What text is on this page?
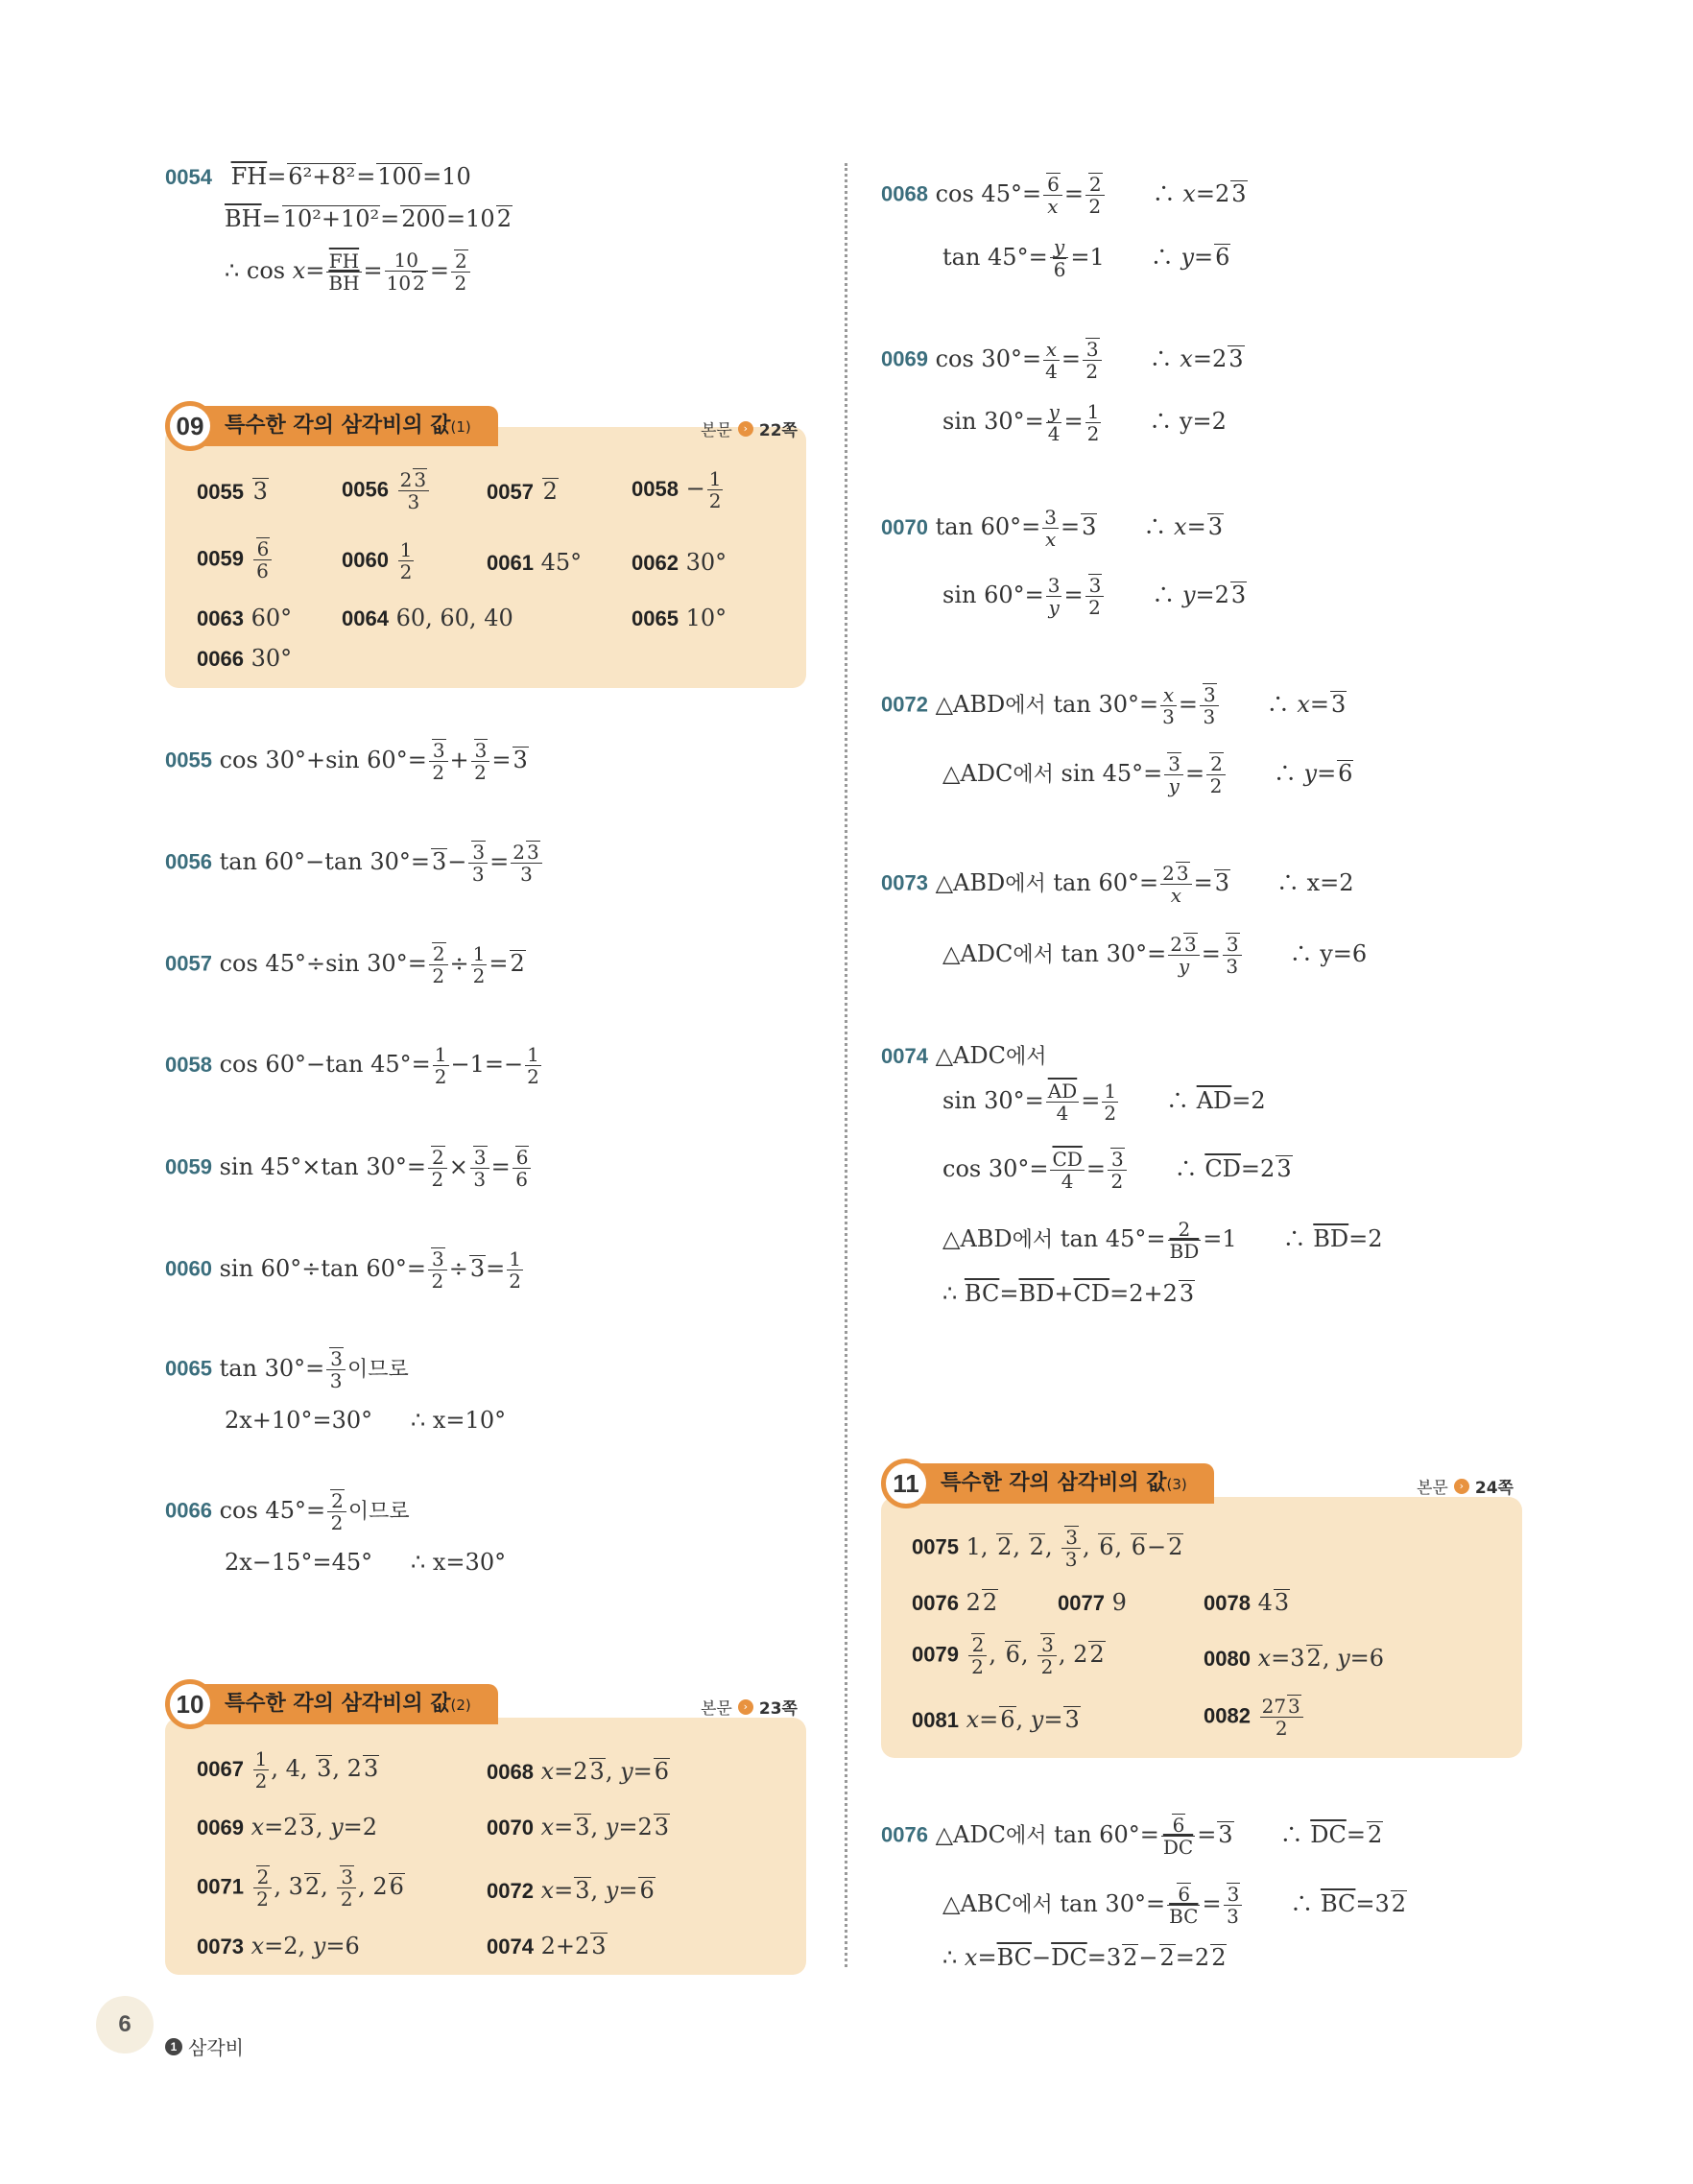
0054 $\overline{FH}=6^2+8^2=100=10$
$\overline{BH}=10^2+10^2=200=102$
∴ $\cos x= \frac{\overline{FH}}{BH} = \frac{10}{10 2} = \frac{2}{2}$
09 특수한 각의 삼각비의 값(1)	본문	› 22쪽
0055 3	$0056 \frac{2 3}{3}$	0057 2	$0058 - \frac{1}{2}$
$0059 \frac{6}{6}$	$0060 \frac{1}{2}$	0061 45° 0062 30°
0063 60° 0064 60, 60, 40	0065 10°
0066 30°
0055 cos 30°+sin $60^\circ= \frac{3}{2} + \frac{3}{2} =3$
0056 tan 60°−tan $30^\circ=3- \frac{3}{3} = \frac{2 3}{3}$
0057 cos 45°÷sin $30^\circ= \frac{2}{2} \div \frac{1}{2} =2$
0058 cos 60°−tan $45^\circ= \frac{1}{2} -1=- \frac{1}{2}$
0059 sin 45°×tan $30^\circ= \frac{2}{2} \times \frac{3}{3} = \frac{6}{6}$
0060 sin 60°÷tan $60^\circ= \frac{3}{2} \div 3= \frac{1}{2}$
0065 $\tan 30^\circ= \frac{3}{3}$ 이므로
2x+10°=30° ∴ x=10°
0066 $\cos 45^\circ= \frac{2}{2}$ 이므로
2x−15°=45° ∴ x=30°
10 특수한 각의 삼각비의 값(2)	본문	› 23쪽
$0067 \frac{1}{2}$ , 4, 3, 23	0068 x=23, y=6
0069 x=23, y=2	0070 x=3, y=23
$0071 \frac{2}{2}$ , 32, $\frac{3}{2}$ , 26	0072 x=3, y=6
0073 x=2, y=6	0074 2+23
0068 $\cos 45^\circ= \frac{6}{x} = \frac{2}{2}$ 　　∴ x=23
$\tan 45^\circ= \frac{y}{6} =1$　　∴ y=6
0069 $\cos 30^\circ= \frac{x}{4} = \frac{3}{2}$ 　　∴ x=23
$\sin 30^\circ= \frac{y}{4} = \frac{1}{2}$
　　 ∴ y=2
0070 $\tan 60^\circ= \frac{3}{x} =3$　　∴ x=3
$\sin 60^\circ= \frac{3}{y} = \frac{3}{2}$ 　　∴ y=23
0072 △ABD에서 $\tan 30^\circ= \frac{x}{3} = \frac{3}{3}$ 　　∴ x=3
△ADC에서 $\sin 45^\circ= \frac{3}{y} = \frac{2}{2}$ 　　∴ y=6
0073 △ABD에서 $\tan 60^\circ= \frac{2 3}{x} =3$　　 ∴ x=2
△ADC에서 $\tan 30^\circ= \frac{2 3}{y} = \frac{3}{3}$
　　 ∴ y=6
0074 △ADC에서
$\sin 30^\circ= \frac{\overline{AD}}{4} = \frac{1}{2}$ 　　∴ $\overline{AD}=2$
$\cos 30^\circ= \frac{\overline{CD}}{4} = \frac{3}{2}$ 　　∴ $\overline{CD}=23$
△ABD에서 $\tan 45^\circ= \frac{2}{BD} =1$　　∴ $\overline{BD}=2$
∴ $\overline{BC}=\overline{BD}+\overline{CD}=2+23$
11	특수한 각의 삼각비의 값(3)	본문	› 24쪽
0075 1, 2, 2, $\frac{3}{3}$ , 6, 6−2
0076 22	0077 9	0078 43
$0079 \frac{2}{2}$ , 6, $\frac{3}{2}$ , 22	0080 x=32, y=6
0081 x=6, y=3	$0082 \frac{27 3}{2}$
0076 △ADC에서 $\tan 60^\circ= \frac{6}{DC} =3$　　∴ $\overline{DC}=2$
△ABC에서 $\tan 30^\circ= \frac{6}{BC} = \frac{3}{3}$ 　　∴ $\overline{BC}=32$
∴ $x=\overline{BC}-\overline{DC}=32-2=22$
6
1 삼각비
